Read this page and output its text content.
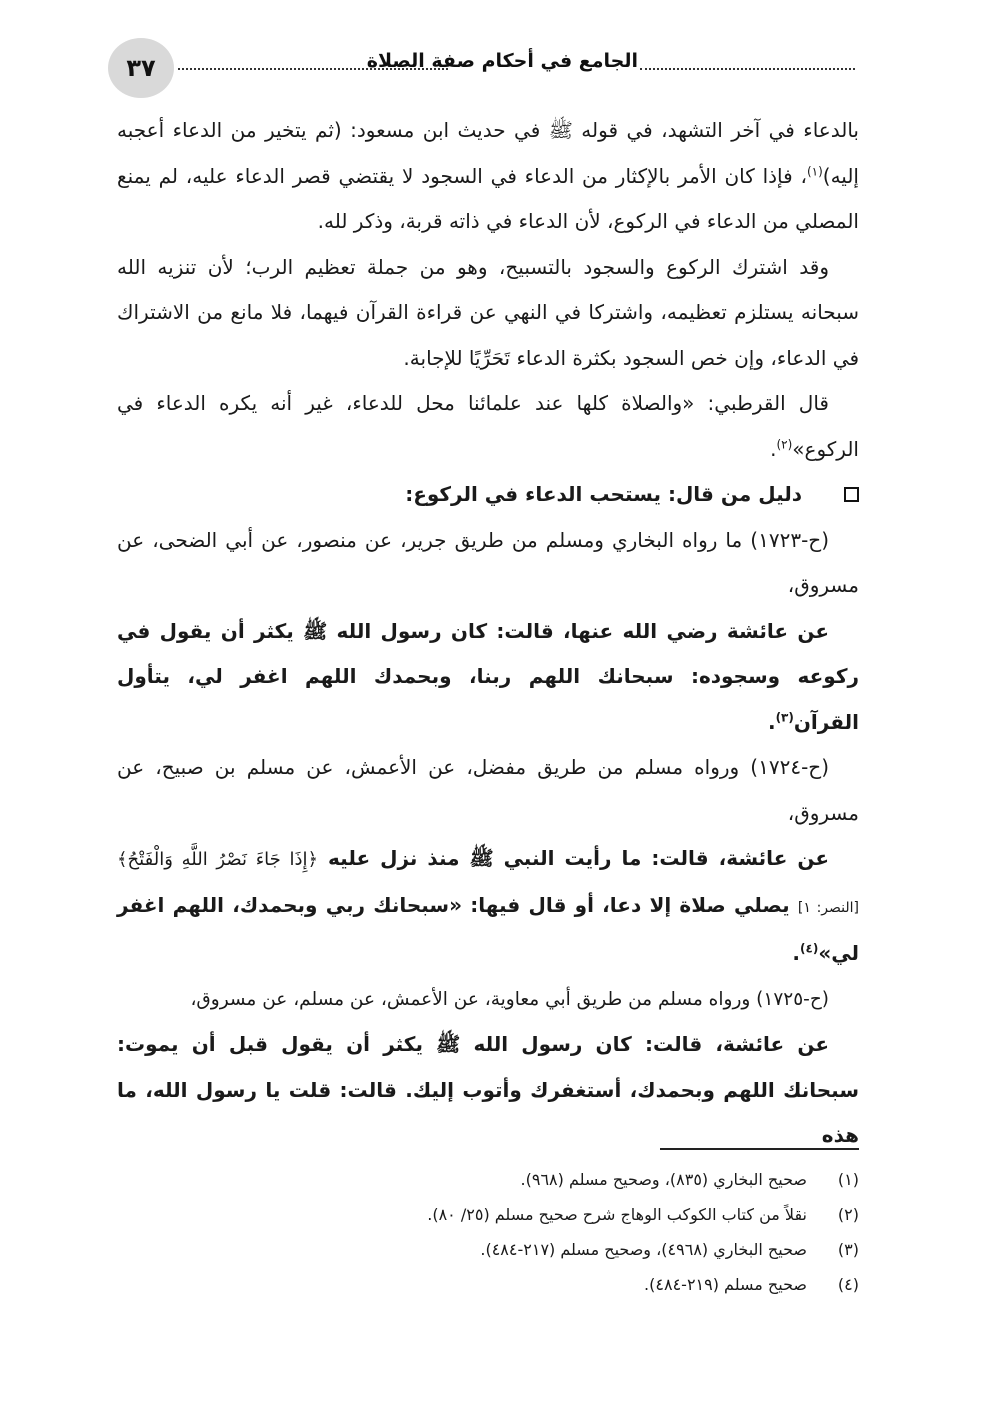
٣٧	الجامع في أحكام صفة الصلاة

بالدعاء في آخر التشهد، في قوله ﷺ في حديث ابن مسعود: (ثم يتخير من الدعاء أعجبه إليه)$^{(١)}$، فإذا كان الأمر بالإكثار من الدعاء في السجود لا يقتضي قصر الدعاء عليه، لم يمنع المصلي من الدعاء في الركوع، لأن الدعاء في ذاته قربة، وذكر لله.

وقد اشترك الركوع والسجود بالتسبيح، وهو من جملة تعظيم الرب؛ لأن تنزيه الله سبحانه يستلزم تعظيمه، واشتركا في النهي عن قراءة القرآن فيهما، فلا مانع من الاشتراك في الدعاء، وإن خص السجود بكثرة الدعاء تَحَرِّيًا للإجابة.

قال القرطبي: «والصلاة كلها عند علمائنا محل للدعاء، غير أنه يكره الدعاء في الركوع»$^{(٢)}$.

دليل من قال: يستحب الدعاء في الركوع:

(ح-١٧٢٣) ما رواه البخاري ومسلم من طريق جرير، عن منصور، عن أبي الضحى، عن مسروق،

عن عائشة رضي الله عنها، قالت: كان رسول الله ﷺ يكثر أن يقول في ركوعه وسجوده: سبحانك اللهم ربنا، وبحمدك اللهم اغفر لي، يتأول القرآن$^{(٣)}$.

(ح-١٧٢٤) ورواه مسلم من طريق مفضل، عن الأعمش، عن مسلم بن صبيح، عن مسروق،

عن عائشة، قالت: ما رأيت النبي ﷺ منذ نزل عليه ﴿إِذَا جَاءَ نَصْرُ اللَّهِ وَالْفَتْحُ﴾ [النصر: ١] يصلي صلاة إلا دعا، أو قال فيها: «سبحانك ربي وبحمدك، اللهم اغفر لي»$^{(٤)}$.

(ح-١٧٢٥) ورواه مسلم من طريق أبي معاوية، عن الأعمش، عن مسلم، عن مسروق،

عن عائشة، قالت: كان رسول الله ﷺ يكثر أن يقول قبل أن يموت: سبحانك اللهم وبحمدك، أستغفرك وأتوب إليك. قالت: قلت يا رسول الله، ما هذه

(١)
صحيح البخاري (٨٣٥)، وصحيح مسلم (٩٦٨).
(٢)
نقلاً من كتاب الكوكب الوهاج شرح صحيح مسلم (٢٥/ ٨٠).
(٣)
صحيح البخاري (٤٩٦٨)، وصحيح مسلم (٢١٧-٤٨٤).
(٤)
صحيح مسلم (٢١٩-٤٨٤).
